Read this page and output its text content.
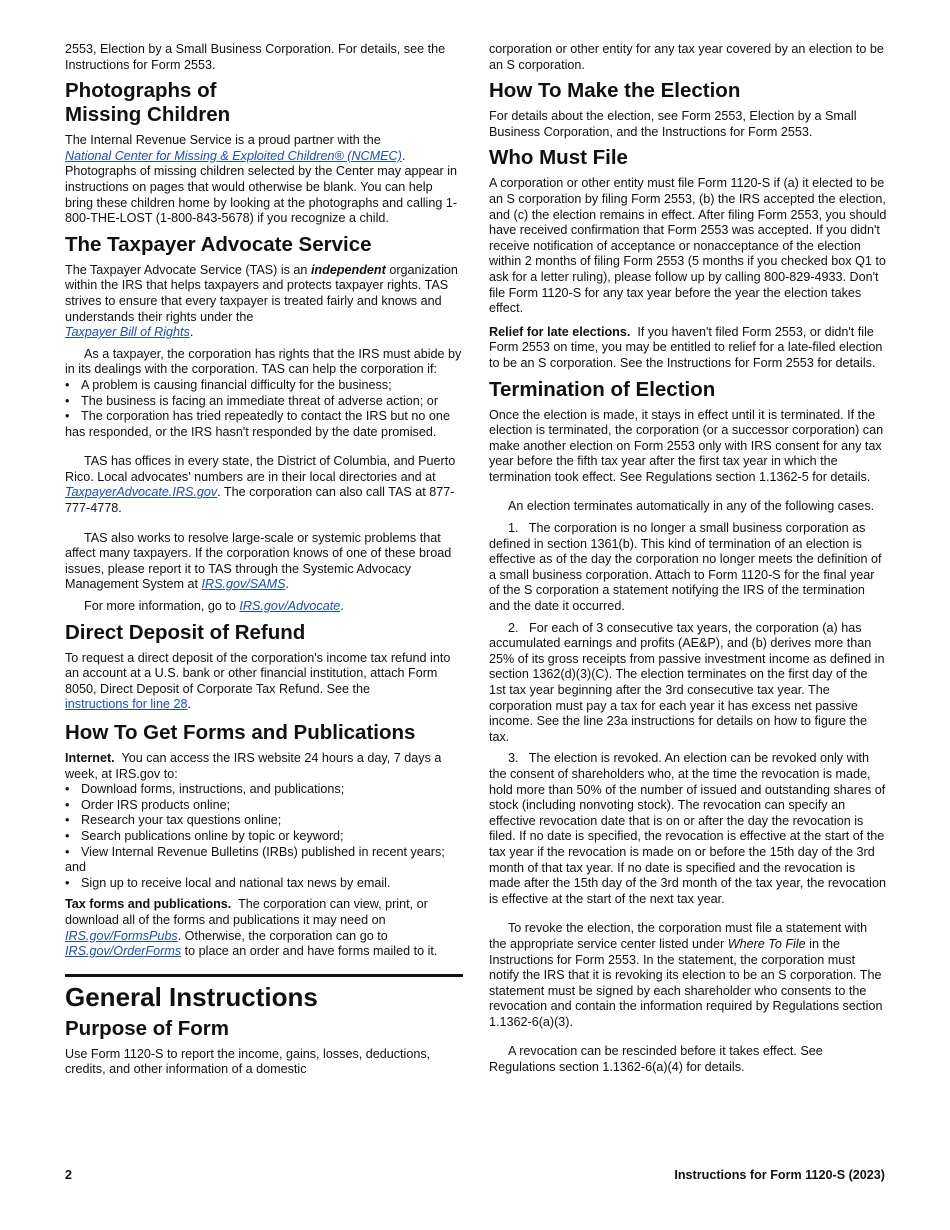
2553, Election by a Small Business Corporation. For details, see the Instructions for Form 2553.

Photographs of
Missing Children

The Internal Revenue Service is a proud partner with the
National Center for Missing & Exploited Children® (NCMEC). Photographs of missing children selected by the Center may appear in instructions on pages that would otherwise be blank. You can help bring these children home by looking at the photographs and calling 1-800-THE-LOST (1-800-843-5678) if you recognize a child.

The Taxpayer Advocate Service

The Taxpayer Advocate Service (TAS) is an independent organization within the IRS that helps taxpayers and protects taxpayer rights. TAS strives to ensure that every taxpayer is treated fairly and knows and understands their rights under the
Taxpayer Bill of Rights.

As a taxpayer, the corporation has rights that the IRS must abide by in its dealings with the corporation. TAS can help the corporation if:

• A problem is causing financial difficulty for the business;
• The business is facing an immediate threat of adverse action; or
• The corporation has tried repeatedly to contact the IRS but no one has responded, or the IRS hasn't responded by the date promised.

TAS has offices in every state, the District of Columbia, and Puerto Rico. Local advocates' numbers are in their local directories and at TaxpayerAdvocate.IRS.gov. The corporation can also call TAS at 877-777-4778.

TAS also works to resolve large-scale or systemic problems that affect many taxpayers. If the corporation knows of one of these broad issues, please report it to TAS through the Systemic Advocacy Management System at IRS.gov/SAMS.

For more information, go to IRS.gov/Advocate.

Direct Deposit of Refund

To request a direct deposit of the corporation's income tax refund into an account at a U.S. bank or other financial institution, attach Form 8050, Direct Deposit of Corporate Tax Refund. See the
instructions for line 28.

How To Get Forms and Publications

Internet. You can access the IRS website 24 hours a day, 7 days a week, at IRS.gov to:

• Download forms, instructions, and publications;
• Order IRS products online;
• Research your tax questions online;
• Search publications online by topic or keyword;
• View Internal Revenue Bulletins (IRBs) published in recent years; and
• Sign up to receive local and national tax news by email.

Tax forms and publications. The corporation can view, print, or download all of the forms and publications it may need on
IRS.gov/FormsPubs. Otherwise, the corporation can go to
IRS.gov/OrderForms to place an order and have forms mailed to it.

General Instructions
Purpose of Form

Use Form 1120-S to report the income, gains, losses, deductions, credits, and other information of a domestic

corporation or other entity for any tax year covered by an election to be an S corporation.

How To Make the Election

For details about the election, see Form 2553, Election by a Small Business Corporation, and the Instructions for Form 2553.

Who Must File

A corporation or other entity must file Form 1120-S if (a) it elected to be an S corporation by filing Form 2553, (b) the IRS accepted the election, and (c) the election remains in effect. After filing Form 2553, you should have received confirmation that Form 2553 was accepted. If you didn't receive notification of acceptance or nonacceptance of the election within 2 months of filing Form 2553 (5 months if you checked box Q1 to ask for a letter ruling), please follow up by calling 800-829-4933. Don't file Form 1120-S for any tax year before the year the election takes effect.

Relief for late elections. If you haven't filed Form 2553, or didn't file Form 2553 on time, you may be entitled to relief for a late-filed election to be an S corporation. See the Instructions for Form 2553 for details.

Termination of Election

Once the election is made, it stays in effect until it is terminated. If the election is terminated, the corporation (or a successor corporation) can make another election on Form 2553 only with IRS consent for any tax year before the fifth tax year after the first tax year in which the termination took effect. See Regulations section 1.1362-5 for details.

An election terminates automatically in any of the following cases.

1.   The corporation is no longer a small business corporation as defined in section 1361(b). This kind of termination of an election is effective as of the day the corporation no longer meets the definition of a small business corporation. Attach to Form 1120-S for the final year of the S corporation a statement notifying the IRS of the termination and the date it occurred.

2.   For each of 3 consecutive tax years, the corporation (a) has accumulated earnings and profits (AE&P), and (b) derives more than 25% of its gross receipts from passive investment income as defined in section 1362(d)(3)(C). The election terminates on the first day of the 1st tax year beginning after the 3rd consecutive tax year. The corporation must pay a tax for each year it has excess net passive income. See the line 23a instructions for details on how to figure the tax.

3.   The election is revoked. An election can be revoked only with the consent of shareholders who, at the time the revocation is made, hold more than 50% of the number of issued and outstanding shares of stock (including nonvoting stock). The revocation can specify an effective revocation date that is on or after the day the revocation is filed. If no date is specified, the revocation is effective at the start of the tax year if the revocation is made on or before the 15th day of the 3rd month of that tax year. If no date is specified and the revocation is made after the 15th day of the 3rd month of the tax year, the revocation is effective at the start of the next tax year.

To revoke the election, the corporation must file a statement with the appropriate service center listed under Where To File in the Instructions for Form 2553. In the statement, the corporation must notify the IRS that it is revoking its election to be an S corporation. The statement must be signed by each shareholder who consents to the revocation and contain the information required by Regulations section 1.1362-6(a)(3).

A revocation can be rescinded before it takes effect. See Regulations section 1.1362-6(a)(4) for details.

2	Instructions for Form 1120-S (2023)
